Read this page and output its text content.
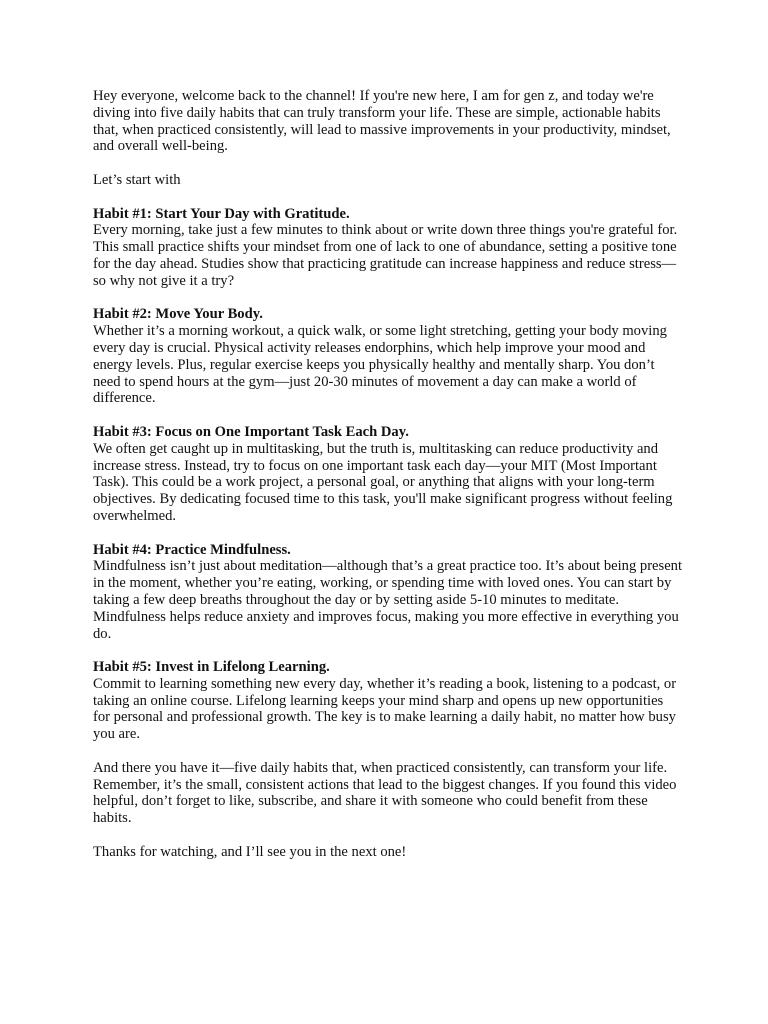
Hey everyone, welcome back to the channel! If you're new here, I am for gen z, and today we're diving into five daily habits that can truly transform your life. These are simple, actionable habits that, when practiced consistently, will lead to massive improvements in your productivity, mindset, and overall well-being.

Let’s start with

Habit #1: Start Your Day with Gratitude.
Every morning, take just a few minutes to think about or write down three things you're grateful for. This small practice shifts your mindset from one of lack to one of abundance, setting a positive tone for the day ahead. Studies show that practicing gratitude can increase happiness and reduce stress—so why not give it a try?
Habit #2: Move Your Body.
Whether it’s a morning workout, a quick walk, or some light stretching, getting your body moving every day is crucial. Physical activity releases endorphins, which help improve your mood and energy levels. Plus, regular exercise keeps you physically healthy and mentally sharp. You don’t need to spend hours at the gym—just 20-30 minutes of movement a day can make a world of difference.
Habit #3: Focus on One Important Task Each Day.
We often get caught up in multitasking, but the truth is, multitasking can reduce productivity and increase stress. Instead, try to focus on one important task each day—your MIT (Most Important Task). This could be a work project, a personal goal, or anything that aligns with your long-term objectives. By dedicating focused time to this task, you'll make significant progress without feeling overwhelmed.
Habit #4: Practice Mindfulness.
Mindfulness isn’t just about meditation—although that’s a great practice too. It’s about being present in the moment, whether you’re eating, working, or spending time with loved ones. You can start by taking a few deep breaths throughout the day or by setting aside 5-10 minutes to meditate. Mindfulness helps reduce anxiety and improves focus, making you more effective in everything you do.
Habit #5: Invest in Lifelong Learning.
Commit to learning something new every day, whether it’s reading a book, listening to a podcast, or taking an online course. Lifelong learning keeps your mind sharp and opens up new opportunities for personal and professional growth. The key is to make learning a daily habit, no matter how busy you are.

And there you have it—five daily habits that, when practiced consistently, can transform your life. Remember, it’s the small, consistent actions that lead to the biggest changes. If you found this video helpful, don’t forget to like, subscribe, and share it with someone who could benefit from these habits.

Thanks for watching, and I’ll see you in the next one!
